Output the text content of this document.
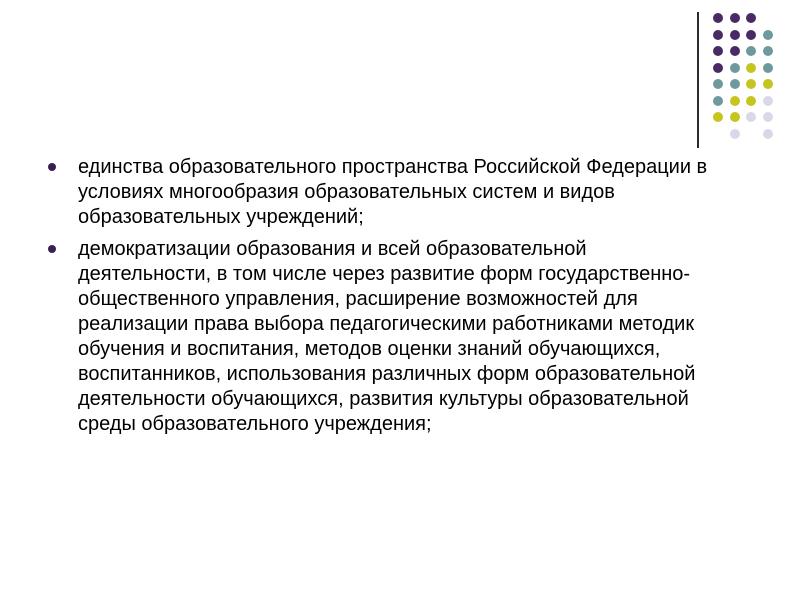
единства образовательного пространства Российской Федерации в условиях многообразия образовательных систем и видов образовательных учреждений;
демократизации образования и всей образовательной деятельности, в том числе через развитие форм государственно-общественного управления, расширение возможностей для реализации права выбора педагогическими работниками методик обучения и воспитания, методов оценки знаний обучающихся, воспитанников, использования различных форм образовательной деятельности обучающихся, развития культуры образовательной среды образовательного учреждения;
